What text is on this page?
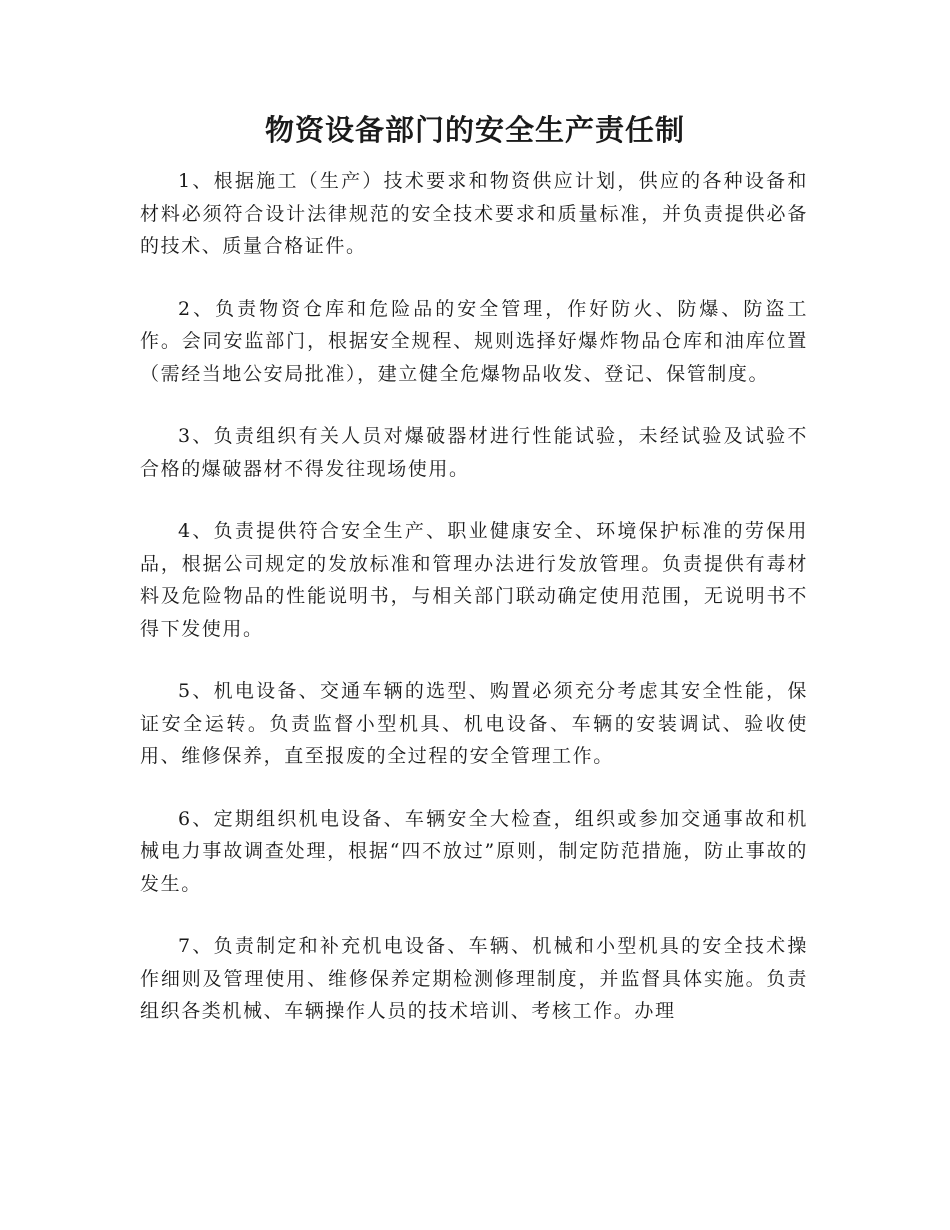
物资设备部门的安全生产责任制

1、根据施工（生产）技术要求和物资供应计划，供应的各种设备和材料必须符合设计法律规范的安全技术要求和质量标准，并负责提供必备的技术、质量合格证件。

2、负责物资仓库和危险品的安全管理，作好防火、防爆、防盗工作。会同安监部门，根据安全规程、规则选择好爆炸物品仓库和油库位置（需经当地公安局批准），建立健全危爆物品收发、登记、保管制度。

3、负责组织有关人员对爆破器材进行性能试验，未经试验及试验不合格的爆破器材不得发往现场使用。

4、负责提供符合安全生产、职业健康安全、环境保护标准的劳保用品，根据公司规定的发放标准和管理办法进行发放管理。负责提供有毒材料及危险物品的性能说明书，与相关部门联动确定使用范围，无说明书不得下发使用。

5、机电设备、交通车辆的选型、购置必须充分考虑其安全性能，保证安全运转。负责监督小型机具、机电设备、车辆的安装调试、验收使用、维修保养，直至报废的全过程的安全管理工作。

6、定期组织机电设备、车辆安全大检查，组织或参加交通事故和机械电力事故调查处理，根据“四不放过”原则，制定防范措施，防止事故的发生。

7、负责制定和补充机电设备、车辆、机械和小型机具的安全技术操作细则及管理使用、维修保养定期检测修理制度，并监督具体实施。负责组织各类机械、车辆操作人员的技术培训、考核工作。办理
